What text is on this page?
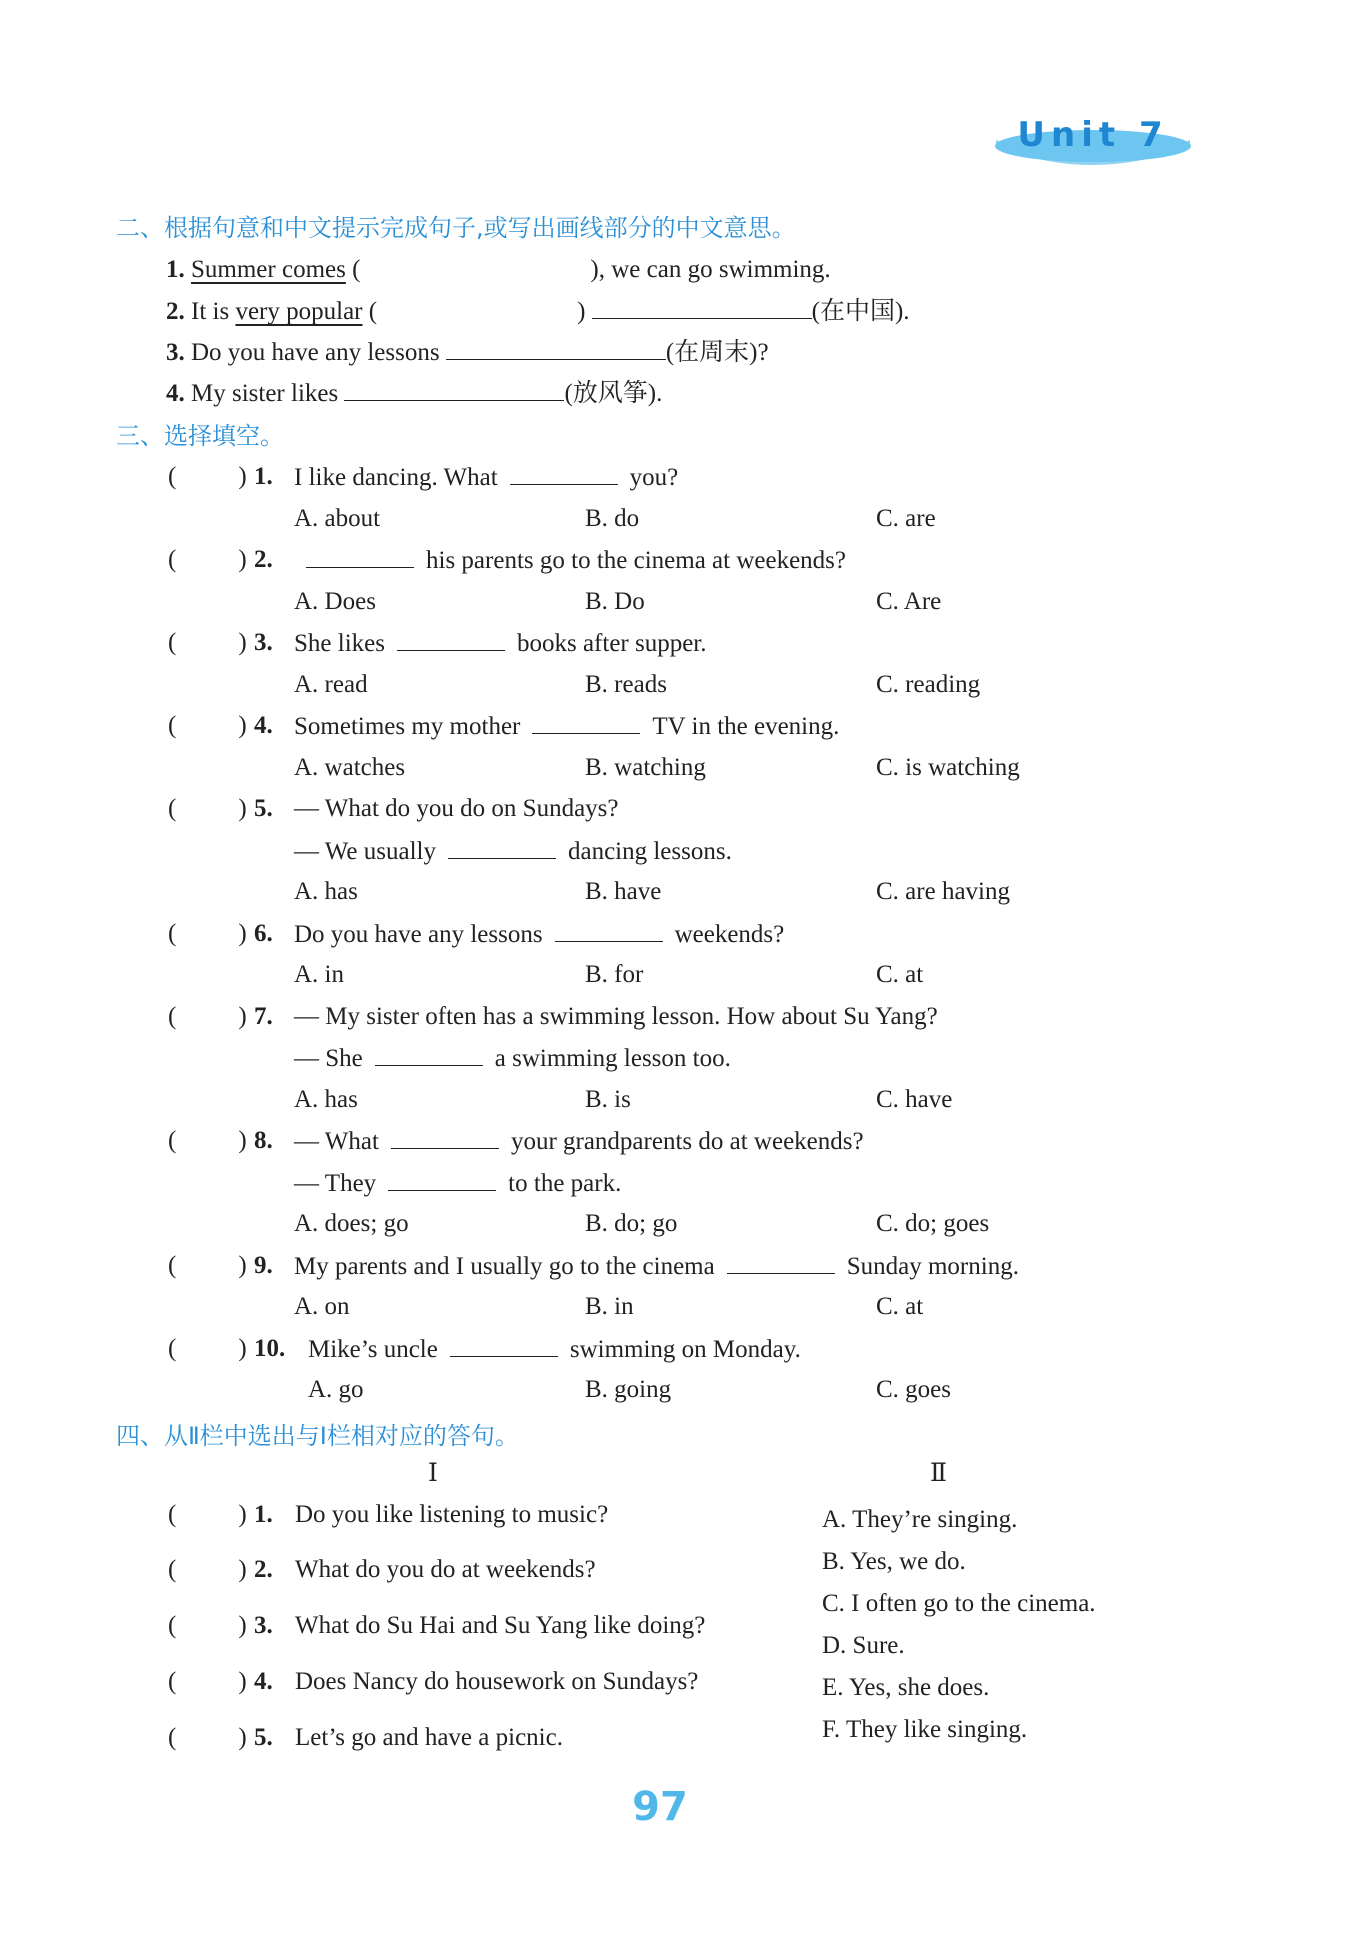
Unit 7
二、根据句意和中文提示完成句子,或写出画线部分的中文意思。
1. Summer comes (	), we can go swimming.
2. It is very popular (	)	(在中国).
3. Do you have any lessons	(在周末)?
4. My sister likes	(放风筝).
三、选择填空。
( ) 1. I like dancing. What	you?
A. about	B. do	C. are
( ) 2.	his parents go to the cinema at weekends?
A. Does	B. Do	C. Are
( ) 3. She likes	books after supper.
A. read	B. reads	C. reading
( ) 4. Sometimes my mother	TV in the evening.
A. watches	B. watching	C. is watching
( ) 5. — What do you do on Sundays?
— We usually	dancing lessons.
A. has	B. have	C. are having
( ) 6. Do you have any lessons	weekends?
A. in	B. for	C. at
( ) 7. — My sister often has a swimming lesson. How about Su Yang?
— She	a swimming lesson too.
A. has	B. is	C. have
( ) 8. — What	your grandparents do at weekends?
— They	to the park.
A. does; go	B. do; go	C. do; goes
( ) 9. My parents and I usually go to the cinema	Sunday morning.
A. on	B. in	C. at
( ) 10. Mike’s uncle	swimming on Monday.
A. go	B. going	C. goes
四、从Ⅱ栏中选出与Ⅰ栏相对应的答句。
Ⅰ	Ⅱ
( ) 1. Do you like listening to music?
( ) 2. What do you do at weekends?
( ) 3. What do Su Hai and Su Yang like doing?
( ) 4. Does Nancy do housework on Sundays?
( ) 5. Let’s go and have a picnic.
A. They’re singing.
B. Yes, we do.
C. I often go to the cinema.
D. Sure.
E. Yes, she does.
F. They like singing.
97
